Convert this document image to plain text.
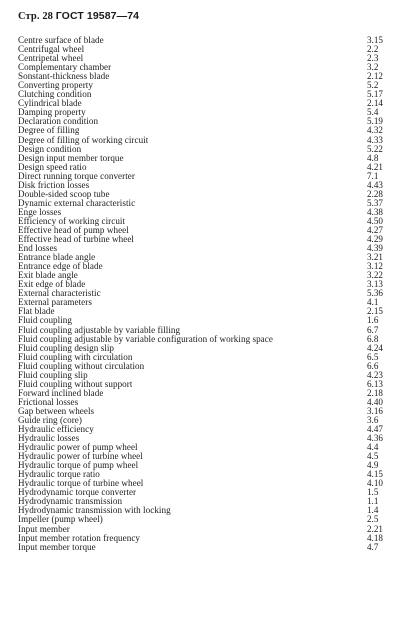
Стр. 28 ГОСТ 19587—74
Centre surface of blade	3.15
Centrifugal wheel	2.2
Centripetal wheel	2.3
Complementary chamber	3.2
Sonstant-thickness blade	2.12
Converting property	5.2
Clutching condition	5.17
Cylindrical blade	2.14
Damping property	5.4
Declaration condition	5.19
Degree of filling	4.32
Degree of filling of working circuit	4.33
Design condition	5.22
Design input member torque	4.8
Design speed ratio	4.21
Direct running torque converter	7.1
Disk friction losses	4.43
Double-sided scoop tube	2.28
Dynamic external characteristic	5.37
Enge losses	4.38
Efficiency of working circuit	4.50
Effective head of pump wheel	4.27
Effective head of turbine wheel	4.29
End losses	4.39
Entrance blade angle	3.21
Entrance edge of blade	3.12
Exit blade angle	3.22
Exit edge of blade	3.13
External characteristic	5.36
External parameters	4.1
Flat blade	2.15
Fluid coupling	1.6
Fluid coupling adjustable by variable filling	6.7
Fluid coupling adjustable by variable configuration of working space	6.8
Fluid coupling design slip	4.24
Fluid coupling with circulation	6.5
Fluid coupling without circulation	6.6
Fluid coupling slip	4.23
Fluid coupling without support	6.13
Forward inclined blade	2.18
Frictional losses	4.40
Gap between wheels	3.16
Guide ring (core)	3.6
Hydraulic efficiency	4.47
Hydraulic losses	4.36
Hydraulic power of pump wheel	4.4
Hydraulic power of turbine wheel	4.5
Hydraulic torque of pump wheel	4.9
Hydraulic torque ratio	4.15
Hydraulic torque of turbine wheel	4.10
Hydrodynamic torque converter	1.5
Hydrodynamic transmission	1.1
Hydrodynamic transmission with locking	1.4
Impeller (pump wheel)	2.5
Input member	2.21
Input member rotation frequency	4.18
Input member torque	4.7
